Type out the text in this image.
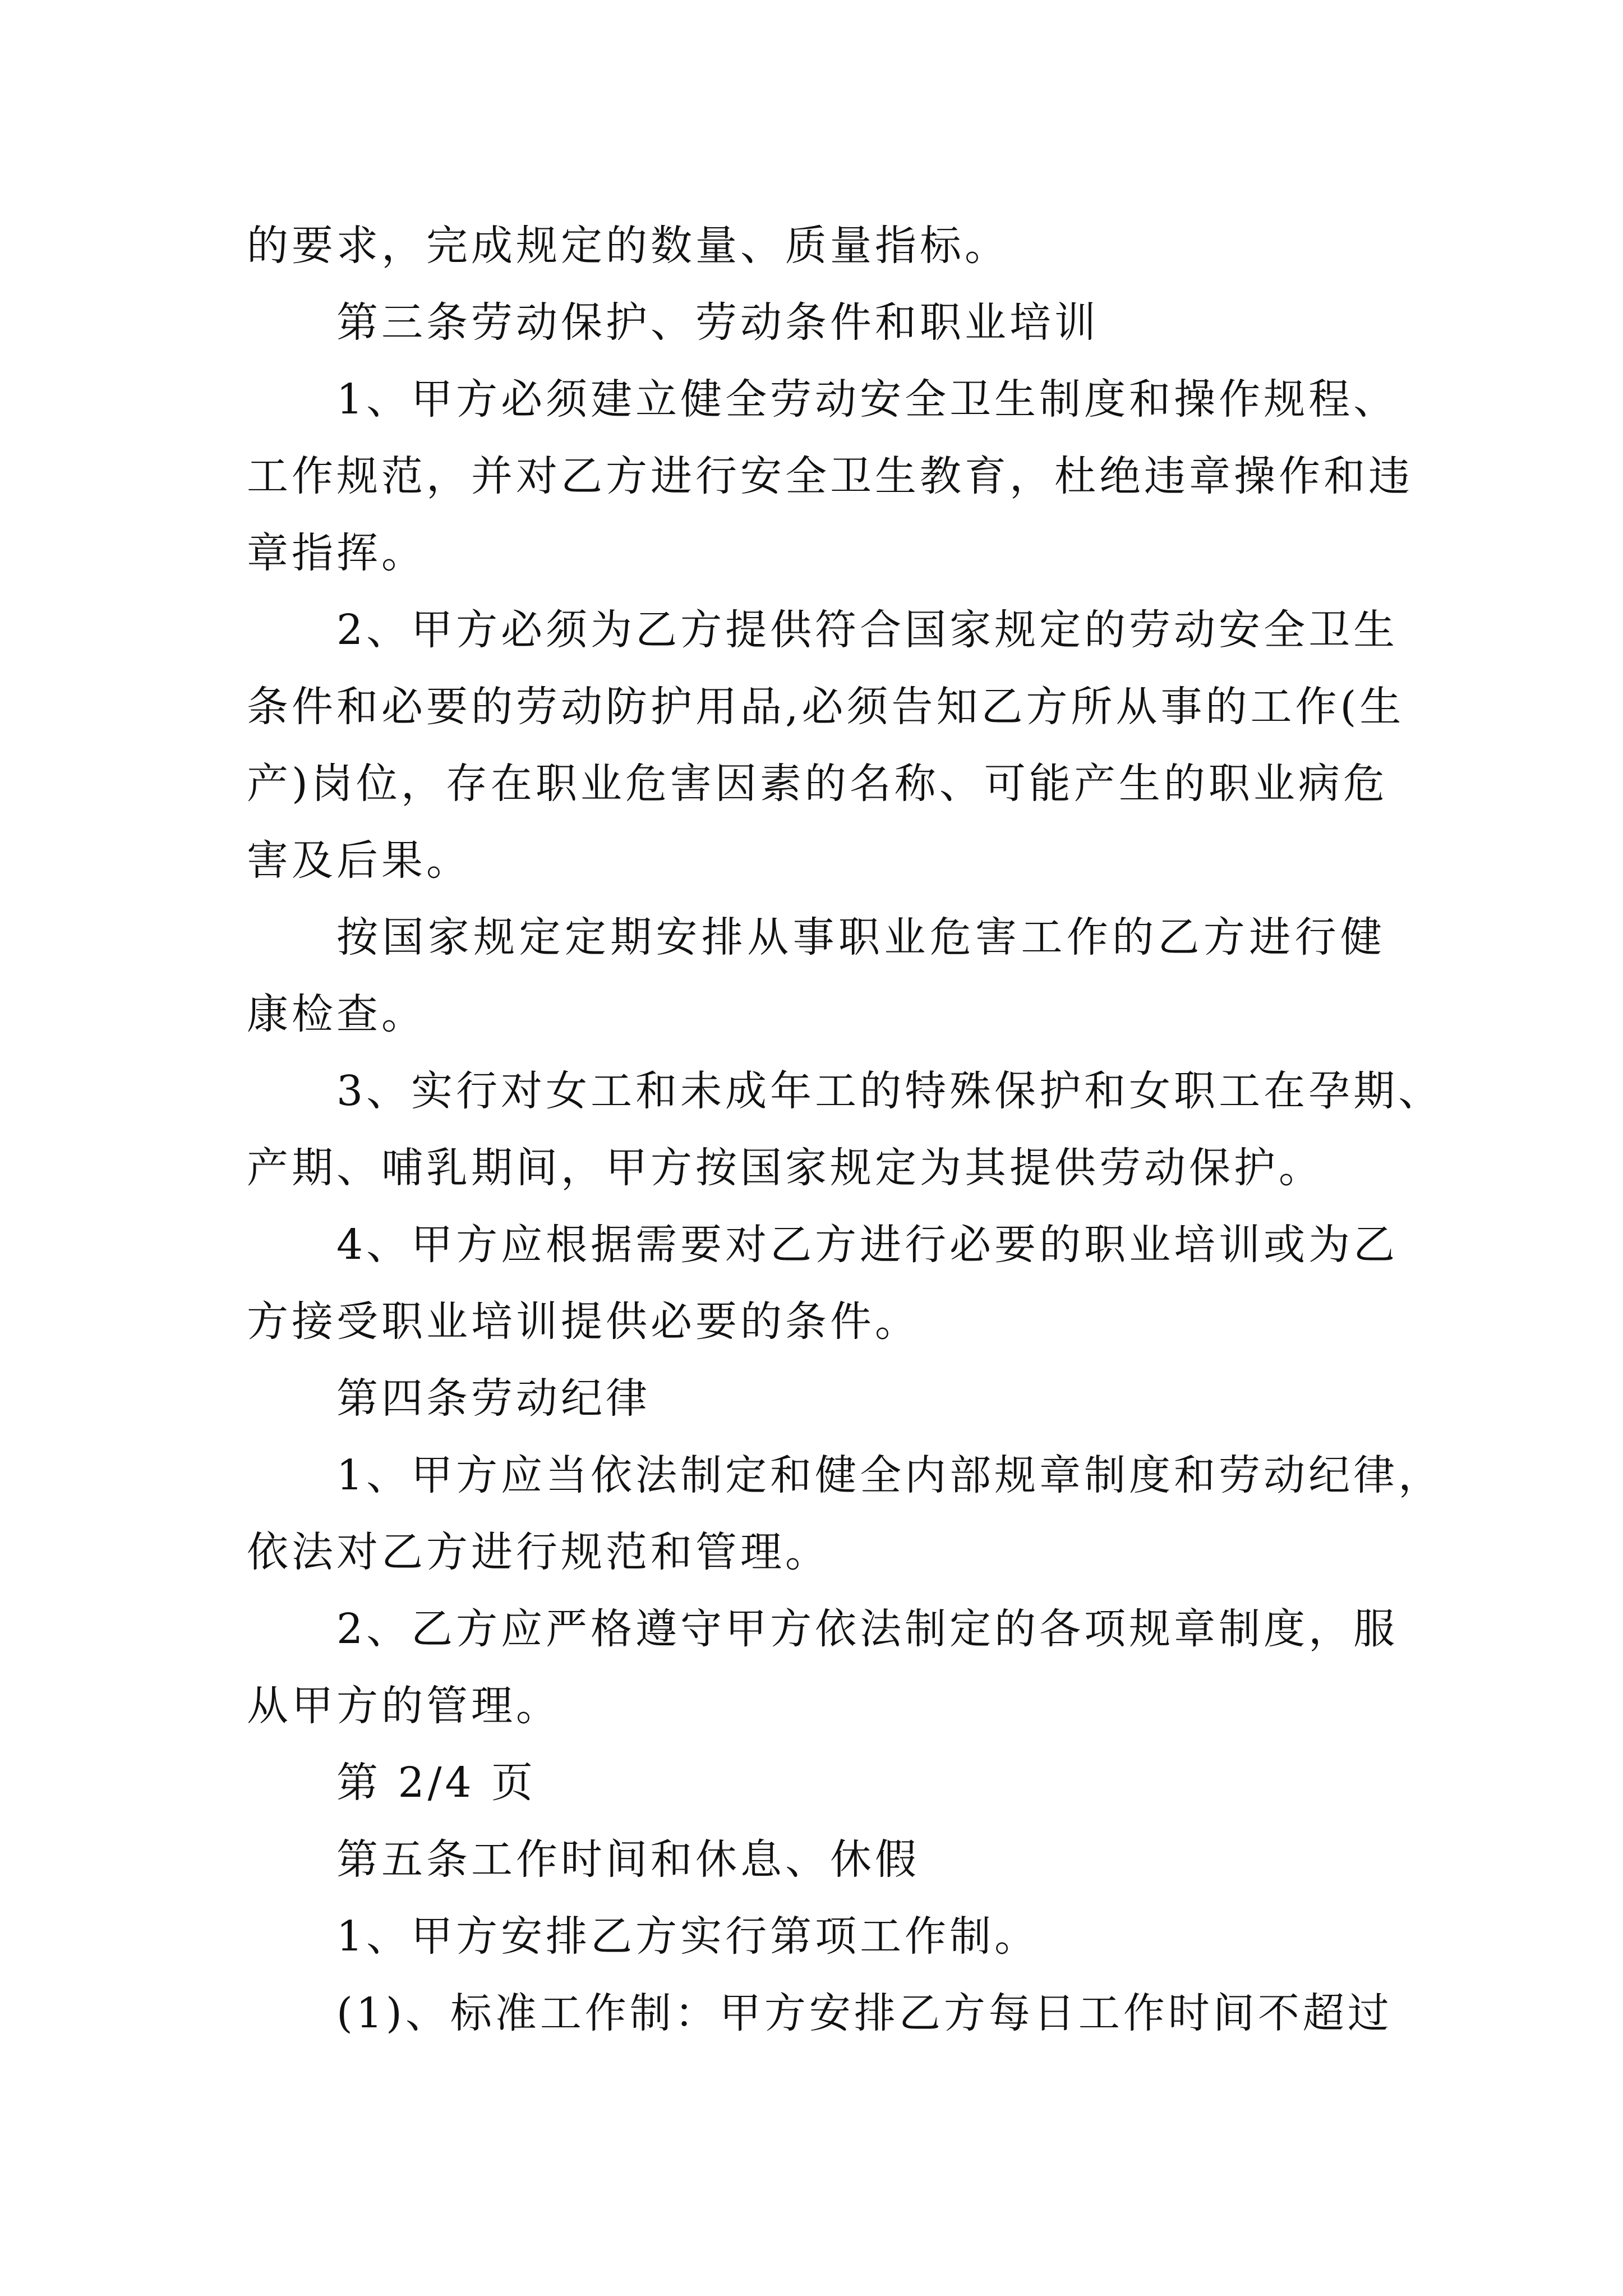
的要求，完成规定的数量、质量指标。
第三条劳动保护、劳动条件和职业培训
1、甲方必须建立健全劳动安全卫生制度和操作规程、
工作规范，并对乙方进行安全卫生教育，杜绝违章操作和违
章指挥。
2、甲方必须为乙方提供符合国家规定的劳动安全卫生
条件和必要的劳动防护用品,必须告知乙方所从事的工作(生
产)岗位，存在职业危害因素的名称、可能产生的职业病危
害及后果。
按国家规定定期安排从事职业危害工作的乙方进行健
康检查。
3、实行对女工和未成年工的特殊保护和女职工在孕期、
产期、哺乳期间，甲方按国家规定为其提供劳动保护。
4、甲方应根据需要对乙方进行必要的职业培训或为乙
方接受职业培训提供必要的条件。
第四条劳动纪律
1、甲方应当依法制定和健全内部规章制度和劳动纪律，
依法对乙方进行规范和管理。
2、乙方应严格遵守甲方依法制定的各项规章制度，服
从甲方的管理。
第 2/4 页
第五条工作时间和休息、休假
1、甲方安排乙方实行第项工作制。
(1)、标准工作制：甲方安排乙方每日工作时间不超过
